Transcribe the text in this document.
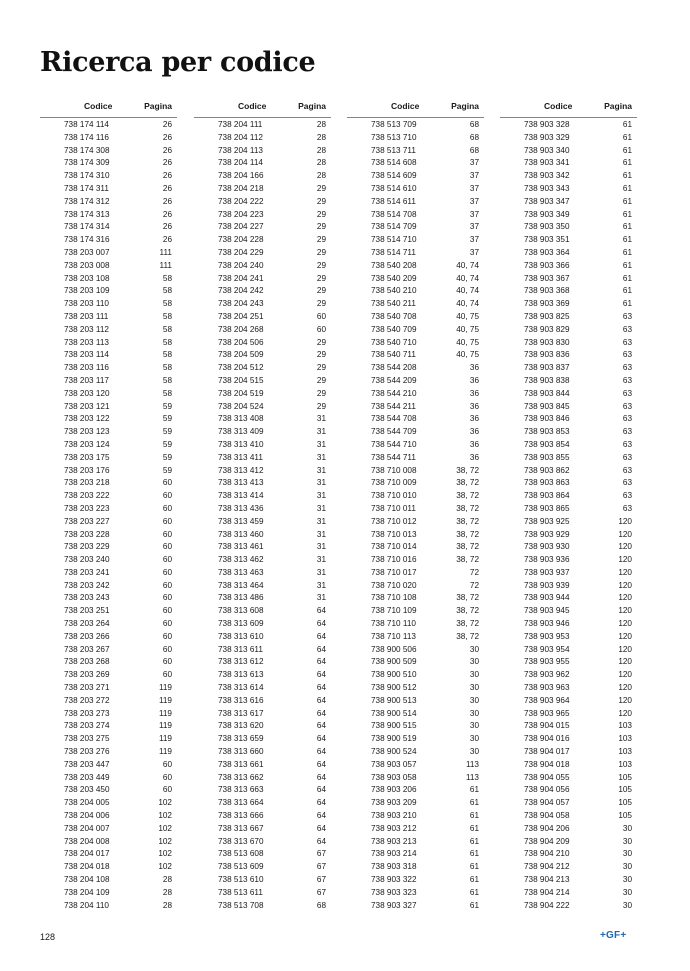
Ricerca per codice
Codice	Pagina
738 174 114	26
738 174 116	26
738 174 308	26
738 174 309	26
738 174 310	26
738 174 311	26
738 174 312	26
738 174 313	26
738 174 314	26
738 174 316	26
738 203 007	111
738 203 008	111
738 203 108	58
738 203 109	58
738 203 110	58
738 203 111	58
738 203 112	58
738 203 113	58
738 203 114	58
738 203 116	58
738 203 117	58
738 203 120	58
738 203 121	59
738 203 122	59
738 203 123	59
738 203 124	59
738 203 175	59
738 203 176	59
738 203 218	60
738 203 222	60
738 203 223	60
738 203 227	60
738 203 228	60
738 203 229	60
738 203 240	60
738 203 241	60
738 203 242	60
738 203 243	60
738 203 251	60
738 203 264	60
738 203 266	60
738 203 267	60
738 203 268	60
738 203 269	60
738 203 271	119
738 203 272	119
738 203 273	119
738 203 274	119
738 203 275	119
738 203 276	119
738 203 447	60
738 203 449	60
738 203 450	60
738 204 005	102
738 204 006	102
738 204 007	102
738 204 008	102
738 204 017	102
738 204 018	102
738 204 108	28
738 204 109	28
738 204 110	28
Codice	Pagina
738 204 111	28
738 204 112	28
738 204 113	28
738 204 114	28
738 204 166	28
738 204 218	29
738 204 222	29
738 204 223	29
738 204 227	29
738 204 228	29
738 204 229	29
738 204 240	29
738 204 241	29
738 204 242	29
738 204 243	29
738 204 251	60
738 204 268	60
738 204 506	29
738 204 509	29
738 204 512	29
738 204 515	29
738 204 519	29
738 204 524	29
738 313 408	31
738 313 409	31
738 313 410	31
738 313 411	31
738 313 412	31
738 313 413	31
738 313 414	31
738 313 436	31
738 313 459	31
738 313 460	31
738 313 461	31
738 313 462	31
738 313 463	31
738 313 464	31
738 313 486	31
738 313 608	64
738 313 609	64
738 313 610	64
738 313 611	64
738 313 612	64
738 313 613	64
738 313 614	64
738 313 616	64
738 313 617	64
738 313 620	64
738 313 659	64
738 313 660	64
738 313 661	64
738 313 662	64
738 313 663	64
738 313 664	64
738 313 666	64
738 313 667	64
738 313 670	64
738 513 608	67
738 513 609	67
738 513 610	67
738 513 611	67
738 513 708	68
Codice	Pagina
738 513 709	68
738 513 710	68
738 513 711	68
738 514 608	37
738 514 609	37
738 514 610	37
738 514 611	37
738 514 708	37
738 514 709	37
738 514 710	37
738 514 711	37
738 540 208	40, 74
738 540 209	40, 74
738 540 210	40, 74
738 540 211	40, 74
738 540 708	40, 75
738 540 709	40, 75
738 540 710	40, 75
738 540 711	40, 75
738 544 208	36
738 544 209	36
738 544 210	36
738 544 211	36
738 544 708	36
738 544 709	36
738 544 710	36
738 544 711	36
738 710 008	38, 72
738 710 009	38, 72
738 710 010	38, 72
738 710 011	38, 72
738 710 012	38, 72
738 710 013	38, 72
738 710 014	38, 72
738 710 016	38, 72
738 710 017	72
738 710 020	72
738 710 108	38, 72
738 710 109	38, 72
738 710 110	38, 72
738 710 113	38, 72
738 900 506	30
738 900 509	30
738 900 510	30
738 900 512	30
738 900 513	30
738 900 514	30
738 900 515	30
738 900 519	30
738 900 524	30
738 903 057	113
738 903 058	113
738 903 206	61
738 903 209	61
738 903 210	61
738 903 212	61
738 903 213	61
738 903 214	61
738 903 318	61
738 903 322	61
738 903 323	61
738 903 327	61
Codice	Pagina
738 903 328	61
738 903 329	61
738 903 340	61
738 903 341	61
738 903 342	61
738 903 343	61
738 903 347	61
738 903 349	61
738 903 350	61
738 903 351	61
738 903 364	61
738 903 366	61
738 903 367	61
738 903 368	61
738 903 369	61
738 903 825	63
738 903 829	63
738 903 830	63
738 903 836	63
738 903 837	63
738 903 838	63
738 903 844	63
738 903 845	63
738 903 846	63
738 903 853	63
738 903 854	63
738 903 855	63
738 903 862	63
738 903 863	63
738 903 864	63
738 903 865	63
738 903 925	120
738 903 929	120
738 903 930	120
738 903 936	120
738 903 937	120
738 903 939	120
738 903 944	120
738 903 945	120
738 903 946	120
738 903 953	120
738 903 954	120
738 903 955	120
738 903 962	120
738 903 963	120
738 903 964	120
738 903 965	120
738 904 015	103
738 904 016	103
738 904 017	103
738 904 018	103
738 904 055	105
738 904 056	105
738 904 057	105
738 904 058	105
738 904 206	30
738 904 209	30
738 904 210	30
738 904 212	30
738 904 213	30
738 904 214	30
738 904 222	30
128	+GF+
